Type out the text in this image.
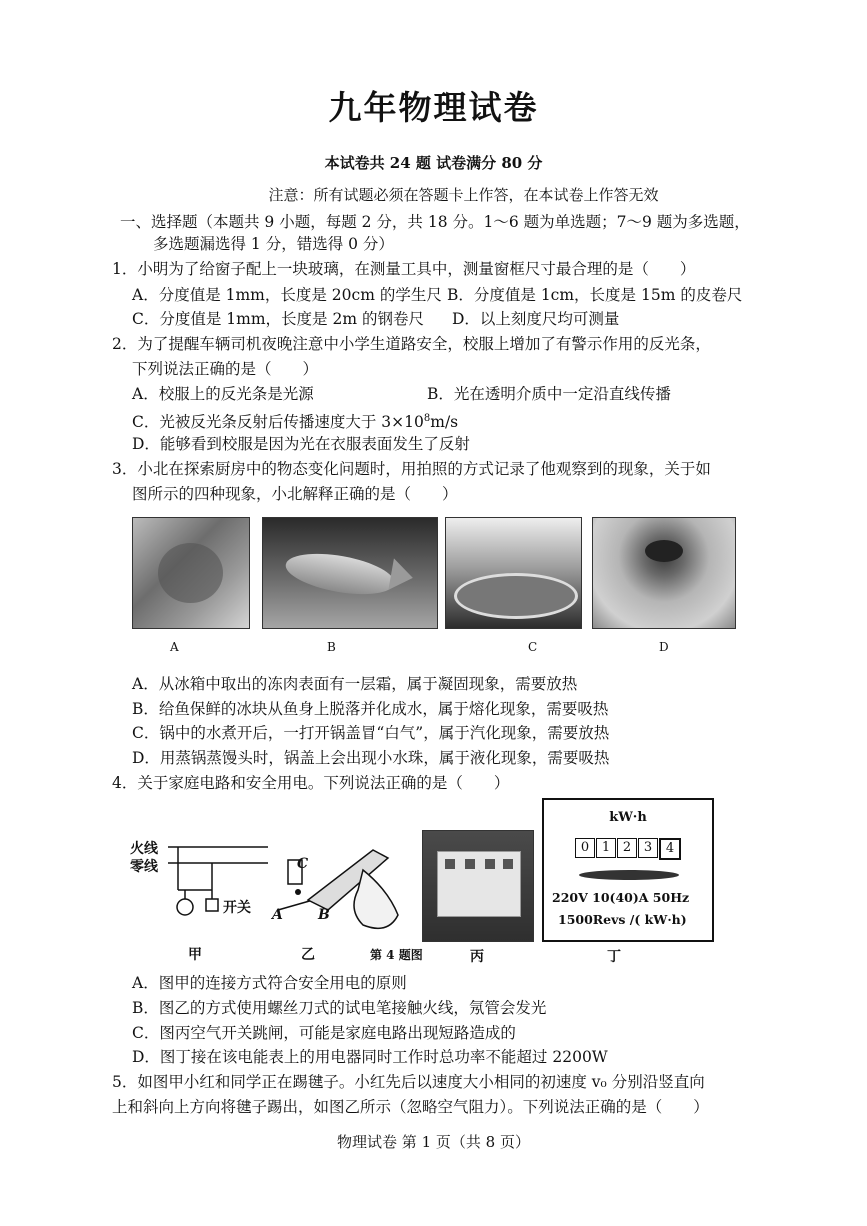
九年物理试卷
本试卷共 24 题 试卷满分 80 分
注意：所有试题必须在答题卡上作答，在本试卷上作答无效
一、选择题（本题共 9 小题，每题 2 分，共 18 分。1～6 题为单选题；7～9 题为多选题，
多选题漏选得 1 分，错选得 0 分）
1．小明为了给窗子配上一块玻璃，在测量工具中，测量窗框尺寸最合理的是（　　）
A．分度值是 1mm，长度是 20cm 的学生尺 B．分度值是 1cm，长度是 15m 的皮卷尺
C．分度值是 1mm，长度是 2m 的钢卷尺 D．以上刻度尺均可测量
2．为了提醒车辆司机夜晚注意中小学生道路安全，校服上增加了有警示作用的反光条，
下列说法正确的是（　　）
A．校服上的反光条是光源	B．光在透明介质中一定沿直线传播
C．光被反光条反射后传播速度大于 $3\times 10^8m/s$
D．能够看到校服是因为光在衣服表面发生了反射
3．小北在探索厨房中的物态变化问题时，用拍照的方式记录了他观察到的现象，关于如
图所示的四种现象，小北解释正确的是（　　）
A	B	C	D
A．从冰箱中取出的冻肉表面有一层霜，属于凝固现象，需要放热
B．给鱼保鲜的冰块从鱼身上脱落并化成水，属于熔化现象，需要吸热
C．锅中的水煮开后，一打开锅盖冒“白气”，属于汽化现象，需要放热
D．用蒸锅蒸馒头时，锅盖上会出现小水珠，属于液化现象，需要吸热
4．关于家庭电路和安全用电。下列说法正确的是（　　）
火线
零线
开关
甲
C
A	B
乙	第 4 题图	丙
kW·h
0 1 2 3	4
220V 10(40)A 50Hz
1500Revs /( kW·h)
丁
A．图甲的连接方式符合安全用电的原则
B．图乙的方式使用螺丝刀式的试电笔接触火线，氖管会发光
C．图丙空气开关跳闸，可能是家庭电路出现短路造成的
D．图丁接在该电能表上的用电器同时工作时总功率不能超过 2200W
5．如图甲小红和同学正在踢毽子。小红先后以速度大小相同的初速度 v₀ 分别沿竖直向
上和斜向上方向将毽子踢出，如图乙所示（忽略空气阻力）。下列说法正确的是（　　）
物理试卷 第 1 页（共 8 页）
